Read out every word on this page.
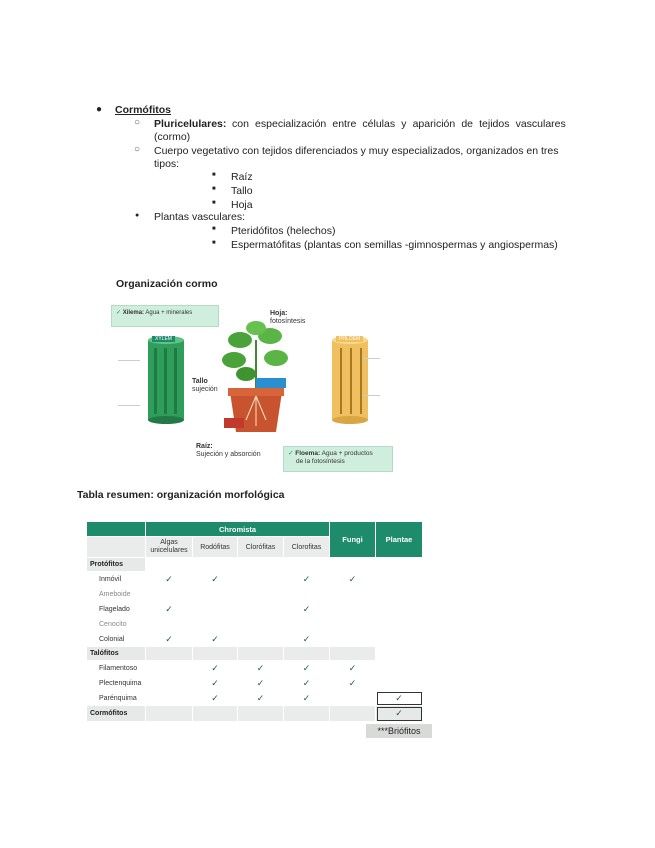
● Cormófitos
○ Pluricelulares: con especialización entre células y aparición de tejidos vasculares
(cormo)
○ Cuerpo vegetativo con tejidos diferenciados y muy especializados, organizados en tres
tipos:
■ Raíz
■ Tallo
■ Hoja
● Plantas vasculares:
■ Pteridófitos (helechos)
■ Espermatófitas (plantas con semillas -gimnospermas y angiospermas)
Organización cormo
✓ Xilema: Agua + minerales
XYLEM
Hoja:
fotosíntesis
Tallo
sujeción
Raíz:
Sujeción y absorción
PHLOEM
✓ Floema: Agua + productos
de la fotosíntesis
Tabla resumen: organización morfológica
	Chromista				Fungi	Plantae
	Algas unicelulares	Rodófitas	Clorófitas	Clorofitas		
Protófitos						
Inmóvil	✓	✓		✓	✓	
Ameboide						
Flagelado	✓			✓		
Cenocito						
Colonial	✓	✓		✓		
Talófitos						
Filamentoso		✓	✓	✓	✓	
Plectenquima		✓	✓	✓	✓	
Parénquima		✓	✓	✓		✓
Cormófitos						✓
***Briófitos
